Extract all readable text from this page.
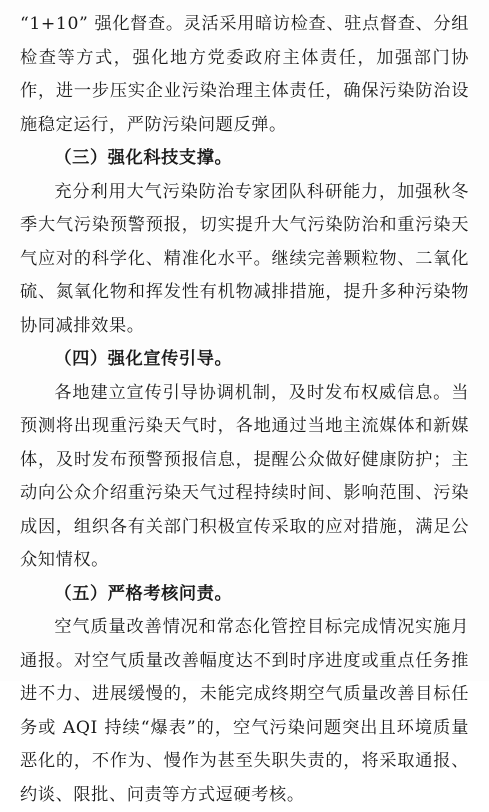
“1+10” 强化督查。灵活采用暗访检查、驻点督查、分组检查等方式，强化地方党委政府主体责任，加强部门协作，进一步压实企业污染治理主体责任，确保污染防治设施稳定运行，严防污染问题反弹。

（三）强化科技支撑。

充分利用大气污染防治专家团队科研能力，加强秋冬季大气污染预警预报，切实提升大气污染防治和重污染天气应对的科学化、精准化水平。继续完善颗粒物、二氧化硫、氮氧化物和挥发性有机物减排措施，提升多种污染物协同减排效果。

（四）强化宣传引导。

各地建立宣传引导协调机制，及时发布权威信息。当预测将出现重污染天气时，各地通过当地主流媒体和新媒体，及时发布预警预报信息，提醒公众做好健康防护；主动向公众介绍重污染天气过程持续时间、影响范围、污染成因，组织各有关部门积极宣传采取的应对措施，满足公众知情权。

（五）严格考核问责。

空气质量改善情况和常态化管控目标完成情况实施月通报。对空气质量改善幅度达不到时序进度或重点任务推进不力、进展缓慢的，未能完成终期空气质量改善目标任务或 AQI 持续“爆表”的，空气污染问题突出且环境质量恶化的，不作为、慢作为甚至失职失责的，将采取通报、约谈、限批、问责等方式逗硬考核。
